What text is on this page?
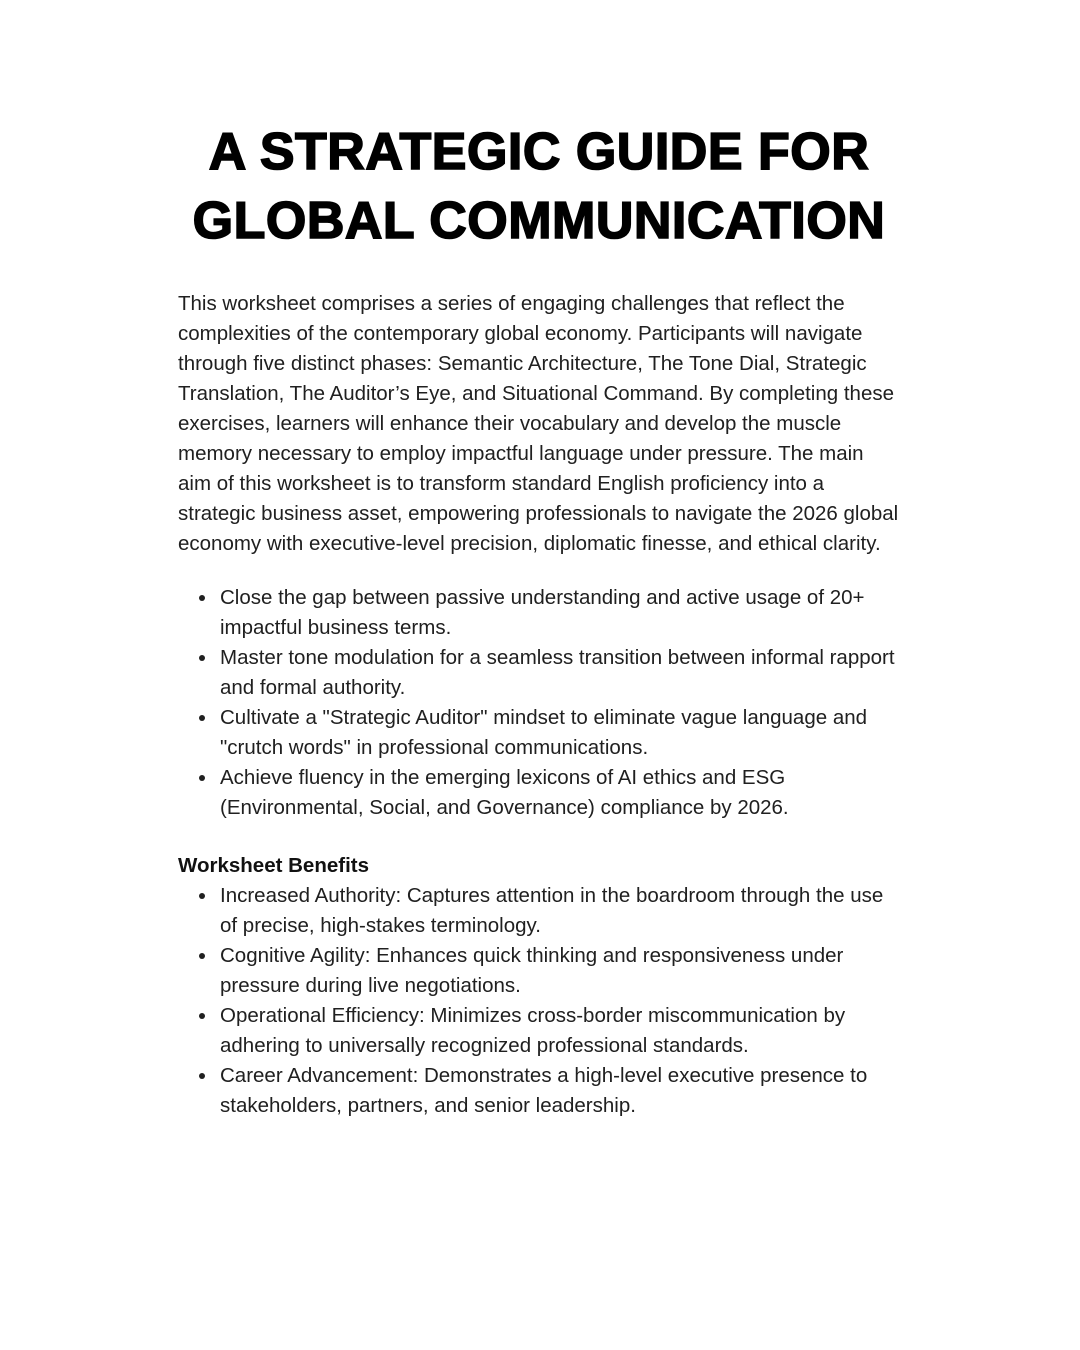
A STRATEGIC GUIDE FOR GLOBAL COMMUNICATION

This worksheet comprises a series of engaging challenges that reflect the complexities of the contemporary global economy. Participants will navigate through five distinct phases: Semantic Architecture, The Tone Dial, Strategic Translation, The Auditor’s Eye, and Situational Command. By completing these exercises, learners will enhance their vocabulary and develop the muscle memory necessary to employ impactful language under pressure. The main aim of this worksheet is to transform standard English proficiency into a strategic business asset, empowering professionals to navigate the 2026 global economy with executive-level precision, diplomatic finesse, and ethical clarity.

• Close the gap between passive understanding and active usage of 20+ impactful business terms.
• Master tone modulation for a seamless transition between informal rapport and formal authority.
• Cultivate a "Strategic Auditor" mindset to eliminate vague language and "crutch words" in professional communications.
• Achieve fluency in the emerging lexicons of AI ethics and ESG (Environmental, Social, and Governance) compliance by 2026.
Worksheet Benefits
• Increased Authority: Captures attention in the boardroom through the use of precise, high-stakes terminology.
• Cognitive Agility: Enhances quick thinking and responsiveness under pressure during live negotiations.
• Operational Efficiency: Minimizes cross-border miscommunication by adhering to universally recognized professional standards.
• Career Advancement: Demonstrates a high-level executive presence to stakeholders, partners, and senior leadership.
